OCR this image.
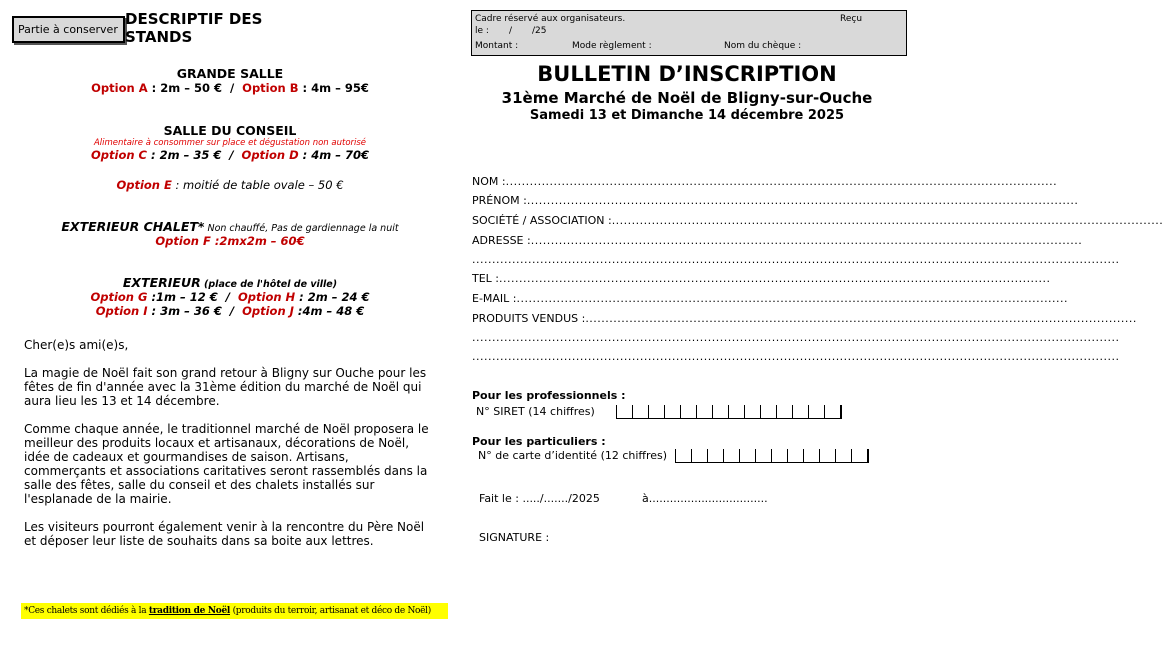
Partie à conserver
DESCRIPTIF DES STANDS
GRANDE SALLE
Option A : 2m – 50 € / Option B : 4m – 95€
SALLE DU CONSEIL
Alimentaire à consommer sur place et dégustation non autorisé
Option C : 2m – 35 € / Option D : 4m – 70€
Option E : moitié de table ovale – 50 €
EXTERIEUR CHALET* Non chauffé, Pas de gardiennage la nuit
Option F :2mx2m – 60€
EXTERIEUR (place de l'hôtel de ville)
Option G :1m – 12 € / Option H : 2m – 24 €
Option I : 3m – 36 € / Option J :4m – 48 €

Cher(e)s ami(e)s,

La magie de Noël fait son grand retour à Bligny sur Ouche pour les fêtes de fin d'année avec la 31ème édition du marché de Noël qui aura lieu les 13 et 14 décembre.

Comme chaque année, le traditionnel marché de Noël proposera le meilleur des produits locaux et artisanaux, décorations de Noël, idée de cadeaux et gourmandises de saison. Artisans, commerçants et associations caritatives seront rassemblés dans la salle des fêtes, salle du conseil et des chalets installés sur l'esplanade de la mairie.

Les visiteurs pourront également venir à la rencontre du Père Noël et déposer leur liste de souhaits dans sa boite aux lettres.

*Ces chalets sont dédiés à la tradition de Noël (produits du terroir, artisanat et déco de Noël)
Cadre réservé aux organisateurs.	Reçu
le : / /25
Montant :	Mode règlement :	Nom du chèque :
BULLETIN D’INSCRIPTION
31ème Marché de Noël de Bligny-sur-Ouche
Samedi 13 et Dimanche 14 décembre 2025
NOM : ..........................................................................................................................................
PRÉNOM : ..........................................................................................................................................
SOCIÉTÉ / ASSOCIATION : ..........................................................................................................................................
ADRESSE : ..........................................................................................................................................
..................................................................................................................................................................
TEL : ..........................................................................................................................................
E-MAIL : ..........................................................................................................................................
PRODUITS VENDUS : ..........................................................................................................................................
..................................................................................................................................................................
..................................................................................................................................................................
Pour les professionnels :
N° SIRET (14 chiffres)
Pour les particuliers :
N° de carte d’identité (12 chiffres)
Fait le : ...../......./2025	à..................................
SIGNATURE :
